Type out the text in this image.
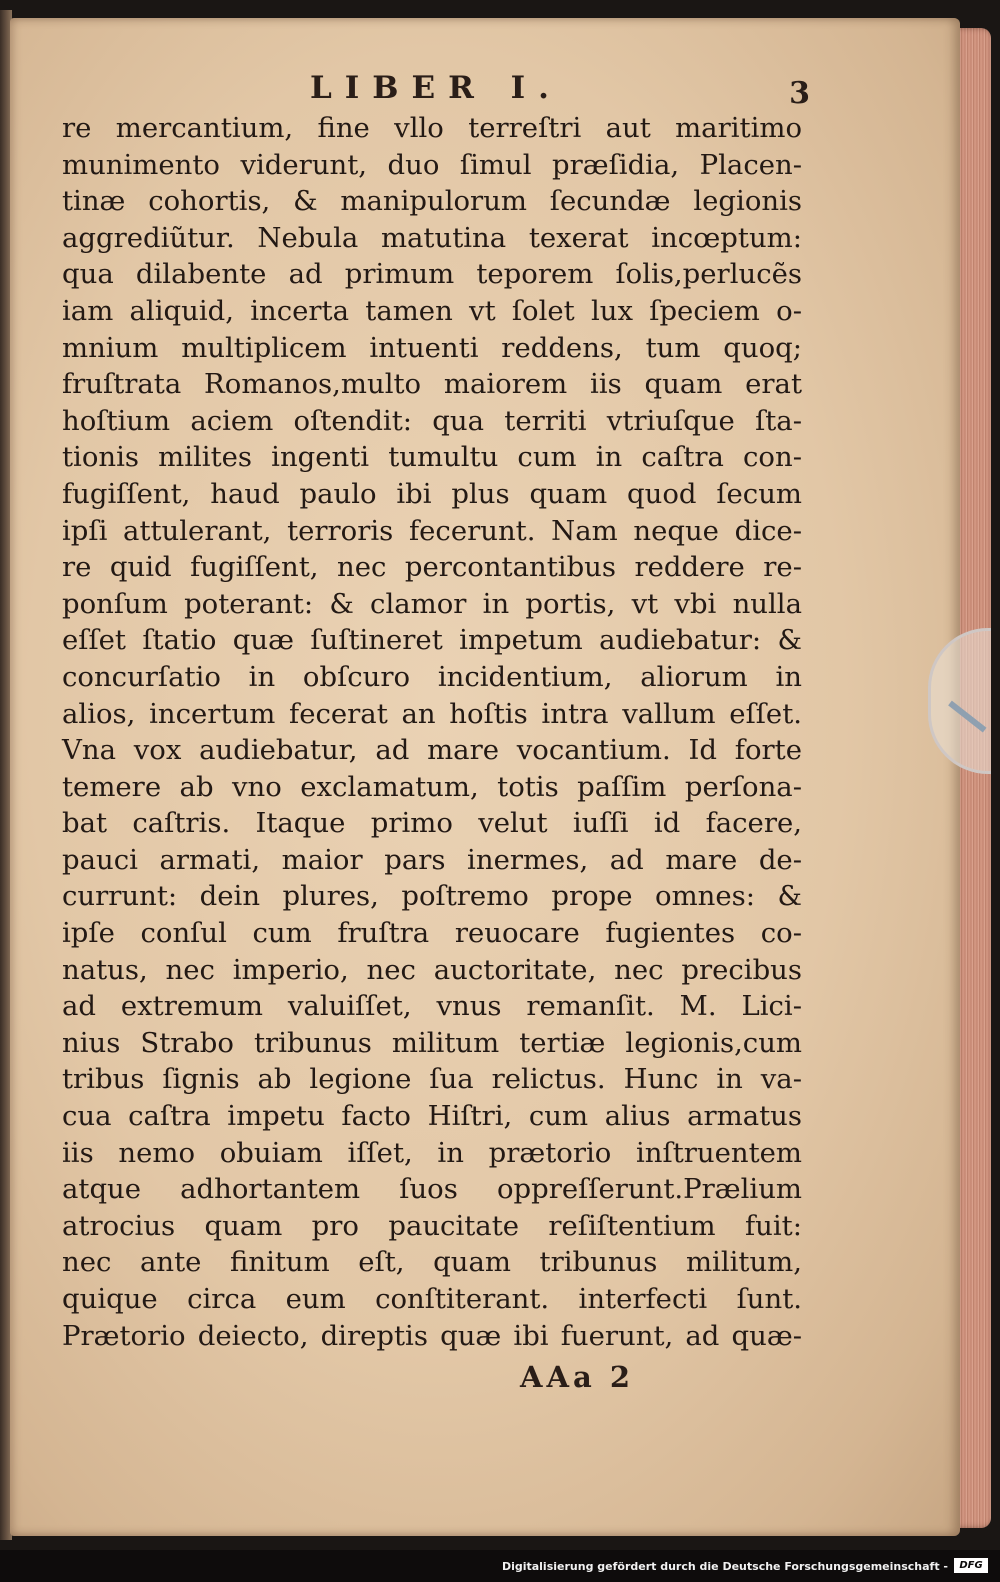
LIBER I.	3
re mercantium, fine vllo terreſtri aut maritimo
munimento viderunt, duo ſimul præſidia, Placen-
tinæ cohortis, & manipulorum ſecundæ legionis
aggrediũtur. Nebula matutina texerat incœptum:
qua dilabente ad primum teporem ſolis,perlucẽs
iam aliquid, incerta tamen vt ſolet lux ſpeciem o-
mnium multiplicem intuenti reddens, tum quoq;
fruſtrata Romanos,multo maiorem iis quam erat
hoſtium aciem oſtendit: qua territi vtriuſque ſta-
tionis milites ingenti tumultu cum in caſtra con-
fugiſſent, haud paulo ibi plus quam quod ſecum
ipſi attulerant, terroris fecerunt. Nam neque dice-
re quid fugiſſent, nec percontantibus reddere re-
ponſum poterant: & clamor in portis, vt vbi nulla
eſſet ſtatio quæ ſuſtineret impetum audiebatur: &
concurſatio in obſcuro incidentium, aliorum in
alios, incertum fecerat an hoſtis intra vallum eſſet.
Vna vox audiebatur, ad mare vocantium. Id forte
temere ab vno exclamatum, totis paſſim perſona-
bat caſtris. Itaque primo velut iuſſi id facere,
pauci armati, maior pars inermes, ad mare de-
currunt: dein plures, poſtremo prope omnes: &
ipſe conſul cum fruſtra reuocare fugientes co-
natus, nec imperio, nec auctoritate, nec precibus
ad extremum valuiſſet, vnus remanſit. M. Lici-
nius Strabo tribunus militum tertiæ legionis,cum
tribus ſignis ab legione ſua relictus. Hunc in va-
cua caſtra impetu facto Hiſtri, cum alius armatus
iis nemo obuiam iſſet, in prætorio inſtruentem
atque adhortantem ſuos oppreſſerunt.Prælium
atrocius quam pro paucitate reſiſtentium fuit:
nec ante finitum eſt, quam tribunus militum,
quique circa eum conſtiterant. interfecti ſunt.
Prætorio deiecto, direptis quæ ibi fuerunt, ad quæ-
AAa 2
Digitalisierung gefördert durch die Deutsche Forschungsgemeinschaft -	DFG
